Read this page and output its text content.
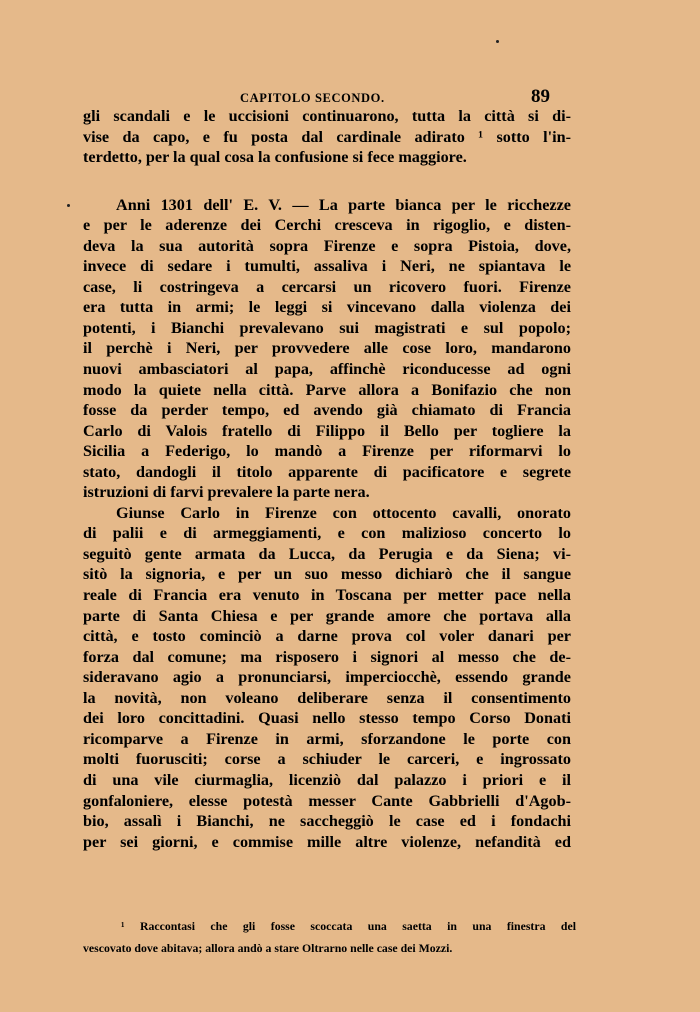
CAPITOLO SECONDO.	89
gli scandali e le uccisioni continuarono, tutta la città si di-
vise da capo, e fu posta dal cardinale adirato ¹ sotto l'in-
terdetto, per la qual cosa la confusione si fece maggiore.
Anni 1301 dell' E. V. — La parte bianca per le ricchezze
e per le aderenze dei Cerchi cresceva in rigoglio, e disten-
deva la sua autorità sopra Firenze e sopra Pistoia, dove,
invece di sedare i tumulti, assaliva i Neri, ne spiantava le
case, li costringeva a cercarsi un ricovero fuori. Firenze
era tutta in armi; le leggi si vincevano dalla violenza dei
potenti, i Bianchi prevalevano sui magistrati e sul popolo;
il perchè i Neri, per provvedere alle cose loro, mandarono
nuovi ambasciatori al papa, affinchè riconducesse ad ogni
modo la quiete nella città. Parve allora a Bonifazio che non
fosse da perder tempo, ed avendo già chiamato di Francia
Carlo di Valois fratello di Filippo il Bello per togliere la
Sicilia a Federigo, lo mandò a Firenze per riformarvi lo
stato, dandogli il titolo apparente di pacificatore e segrete
istruzioni di farvi prevalere la parte nera.
Giunse Carlo in Firenze con ottocento cavalli, onorato
di palii e di armeggiamenti, e con malizioso concerto lo
seguitò gente armata da Lucca, da Perugia e da Siena; vi-
sitò la signoria, e per un suo messo dichiarò che il sangue
reale di Francia era venuto in Toscana per metter pace nella
parte di Santa Chiesa e per grande amore che portava alla
città, e tosto cominciò a darne prova col voler danari per
forza dal comune; ma risposero i signori al messo che de-
sideravano agio a pronunciarsi, imperciocchè, essendo grande
la novità, non voleano deliberare senza il consentimento
dei loro concittadini. Quasi nello stesso tempo Corso Donati
ricomparve a Firenze in armi, sforzandone le porte con
molti fuorusciti; corse a schiuder le carceri, e ingrossato
di una vile ciurmaglia, licenziò dal palazzo i priori e il
gonfaloniere, elesse potestà messer Cante Gabbrielli d'Agob-
bio, assalì i Bianchi, ne saccheggiò le case ed i fondachi
per sei giorni, e commise mille altre violenze, nefandità ed
¹ Raccontasi che gli fosse scoccata una saetta in una finestra del
vescovato dove abitava; allora andò a stare Oltrarno nelle case dei Mozzi.
